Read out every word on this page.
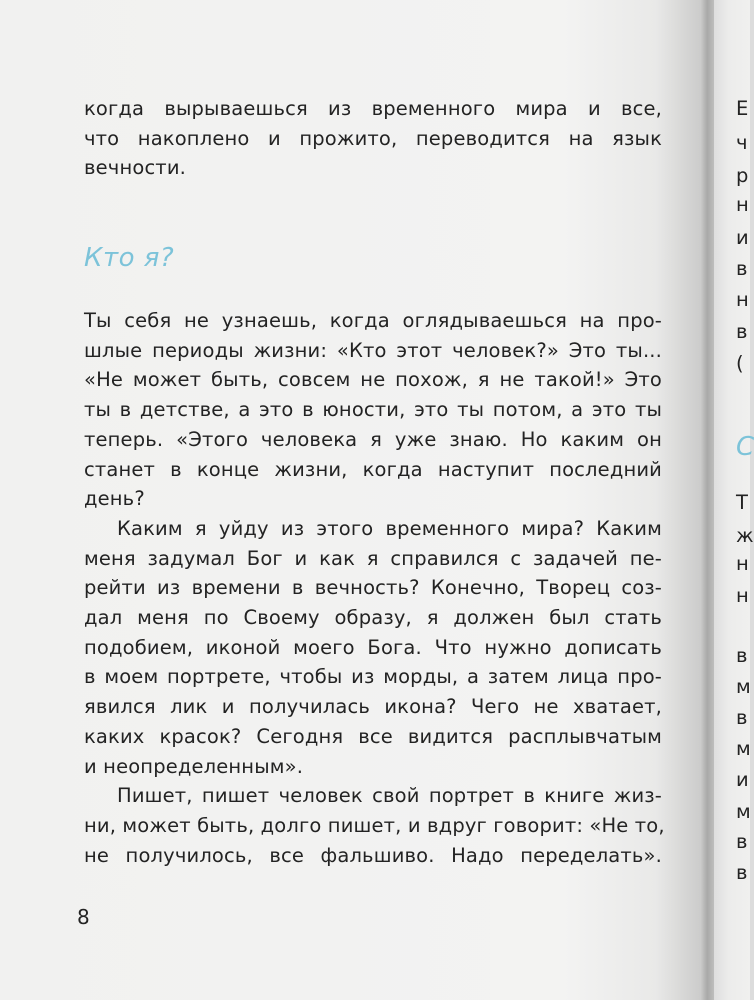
когда вырываешься из временного мира и все,
что накоплено и прожито, переводится на язык
вечности.
Кто я?
Ты себя не узнаешь, когда оглядываешься на про-
шлые периоды жизни: «Кто этот человек?» Это ты...
«Не может быть, совсем не похож, я не такой!» Это
ты в детстве, а это в юности, это ты потом, а это ты
теперь. «Этого человека я уже знаю. Но каким он
станет в конце жизни, когда наступит последний
день?
Каким я уйду из этого временного мира? Каким
меня задумал Бог и как я справился с задачей пе-
рейти из времени в вечность? Конечно, Творец соз-
дал меня по Своему образу, я должен был стать
подобием, иконой моего Бога. Что нужно дописать
в моем портрете, чтобы из морды, а затем лица про-
явился лик и получилась икона? Чего не хватает,
каких красок? Сегодня все видится расплывчатым
и неопределенным».
Пишет, пишет человек свой портрет в книге жиз-
ни, может быть, долго пишет, и вдруг говорит: «Не то,
не получилось, все фальшиво. Надо переделать».
8
Е
ч
р
н
и
в
н
в
(
С
Т
ж
н
н
в
м
в
м
и
м
в
в
